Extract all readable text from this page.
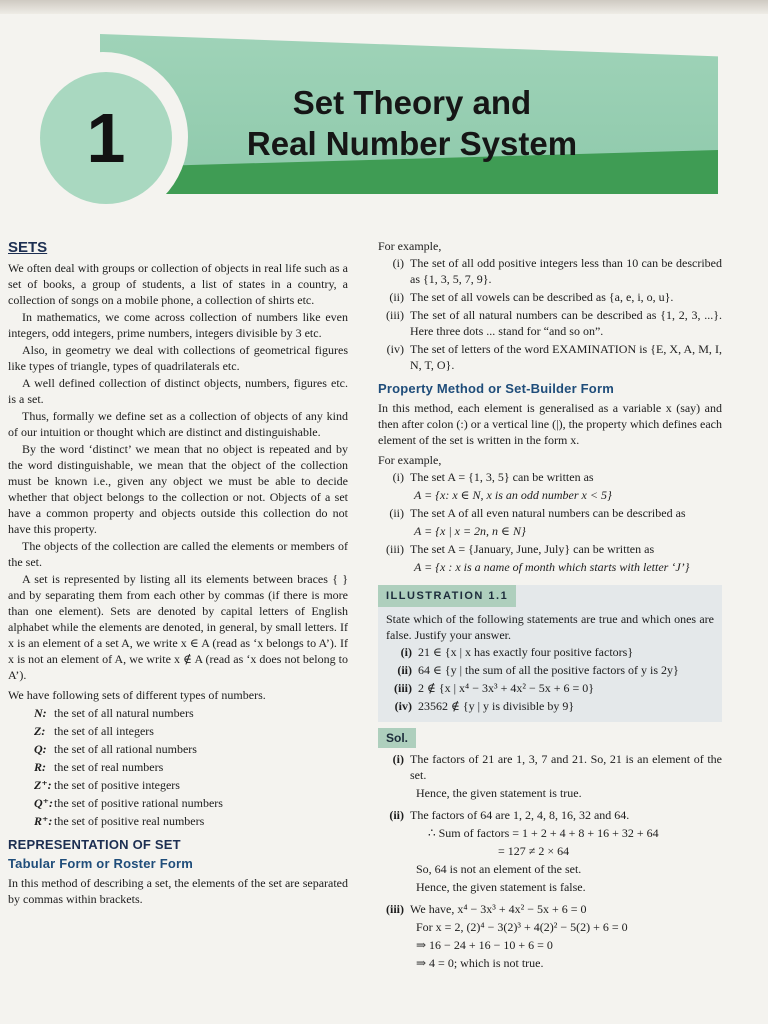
1	Set Theory and
Real Number System
SETS

We often deal with groups or collection of objects in real life such as a set of books, a group of students, a list of states in a country, a collection of songs on a mobile phone, a collection of shirts etc.

In mathematics, we come across collection of numbers like even integers, odd integers, prime numbers, integers divisible by 3 etc.

Also, in geometry we deal with collections of geometrical figures like types of triangle, types of quadrilaterals etc.

A well defined collection of distinct objects, numbers, figures etc. is a set.

Thus, formally we define set as a collection of objects of any kind of our intuition or thought which are distinct and distinguishable.

By the word ‘distinct’ we mean that no object is repeated and by the word distinguishable, we mean that the object of the collection must be known i.e., given any object we must be able to decide whether that object belongs to the collection or not. Objects of a set have a common property and objects outside this collection do not have this property.

The objects of the collection are called the elements or members of the set.

A set is represented by listing all its elements between braces { } and by separating them from each other by commas (if there is more than one element). Sets are denoted by capital letters of English alphabet while the elements are denoted, in general, by small letters. If x is an element of a set A, we write x ∈ A (read as ‘x belongs to A’). If x is not an element of A, we write x ∉ A (read as ‘x does not belong to A’).

We have following sets of different types of numbers.

N: the set of all natural numbers
Z: the set of all integers
Q: the set of all rational numbers
R: the set of real numbers
Z⁺: the set of positive integers
Q⁺: the set of positive rational numbers
R⁺: the set of positive real numbers
REPRESENTATION OF SET
Tabular Form or Roster Form

In this method of describing a set, the elements of the set are separated by commas within brackets.

For example,

(i) The set of all odd positive integers less than 10 can be described as {1, 3, 5, 7, 9}.
(ii) The set of all vowels can be described as {a, e, i, o, u}.
(iii) The set of all natural numbers can be described as {1, 2, 3, ...}. Here three dots ... stand for “and so on”.
(iv) The set of letters of the word EXAMINATION is {E, X, A, M, I, N, T, O}.
Property Method or Set-Builder Form

In this method, each element is generalised as a variable x (say) and then after colon (:) or a vertical line (|), the property which defines each element of the set is written in the form x.

For example,

(i) The set A = {1, 3, 5} can be written as
A = {x: x ∈ N, x is an odd number x < 5}
(ii) The set A of all even natural numbers can be described as
A = {x | x = 2n, n ∈ N}
(iii) The set A = {January, June, July} can be written as
A = {x : x is a name of month which starts with letter ‘J’}
ILLUSTRATION 1.1

State which of the following statements are true and which ones are false. Justify your answer.

(i) 21 ∈ {x | x has exactly four positive factors}
(ii) 64 ∈ {y | the sum of all the positive factors of y is 2y}
(iii) 2 ∉ {x | x⁴ − 3x³ + 4x² − 5x + 6 = 0}
(iv) 23562 ∉ {y | y is divisible by 9}
Sol.
(i) The factors of 21 are 1, 3, 7 and 21. So, 21 is an element of the set.
Hence, the given statement is true.
(ii) The factors of 64 are 1, 2, 4, 8, 16, 32 and 64.
∴ Sum of factors = 1 + 2 + 4 + 8 + 16 + 32 + 64
= 127 ≠ 2 × 64
So, 64 is not an element of the set.
Hence, the given statement is false.
(iii) We have, x⁴ − 3x³ + 4x² − 5x + 6 = 0
For x = 2, (2)⁴ − 3(2)³ + 4(2)² − 5(2) + 6 = 0
⇒ 16 − 24 + 16 − 10 + 6 = 0
⇒ 4 = 0; which is not true.
